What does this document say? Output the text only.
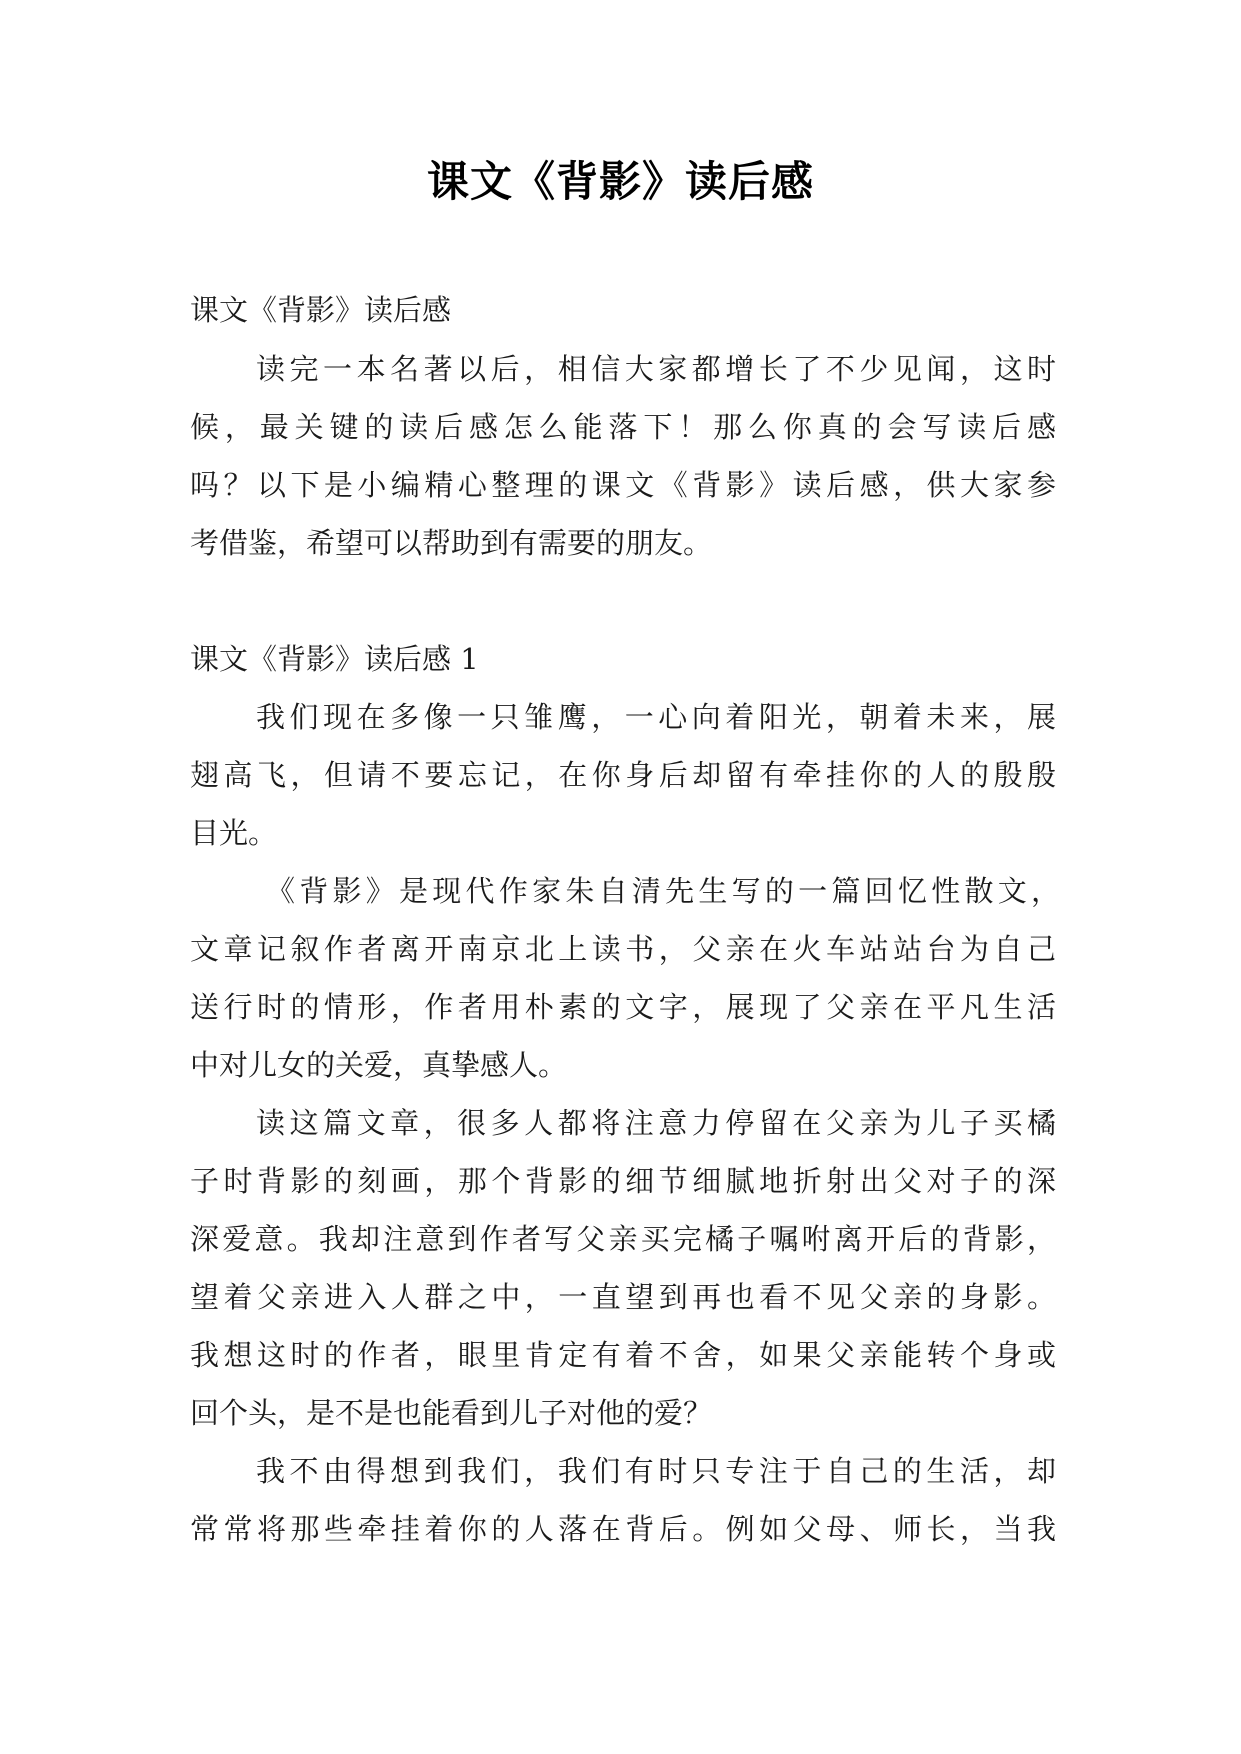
课文《背影》读后感
课文《背影》读后感
读完一本名著以后，相信大家都增长了不少见闻，这时
候，最关键的读后感怎么能落下！那么你真的会写读后感
吗？以下是小编精心整理的课文《背影》读后感，供大家参
考借鉴，希望可以帮助到有需要的朋友。
课文《背影》读后感 1
我们现在多像一只雏鹰，一心向着阳光，朝着未来，展
翅高飞，但请不要忘记，在你身后却留有牵挂你的人的殷殷
目光。
《背影》是现代作家朱自清先生写的一篇回忆性散文，
文章记叙作者离开南京北上读书，父亲在火车站站台为自己
送行时的情形，作者用朴素的文字，展现了父亲在平凡生活
中对儿女的关爱，真挚感人。
读这篇文章，很多人都将注意力停留在父亲为儿子买橘
子时背影的刻画，那个背影的细节细腻地折射出父对子的深
深爱意。我却注意到作者写父亲买完橘子嘱咐离开后的背影，
望着父亲进入人群之中，一直望到再也看不见父亲的身影。
我想这时的作者，眼里肯定有着不舍，如果父亲能转个身或
回个头，是不是也能看到儿子对他的爱？
我不由得想到我们，我们有时只专注于自己的生活，却
常常将那些牵挂着你的人落在背后。例如父母、师长，当我
